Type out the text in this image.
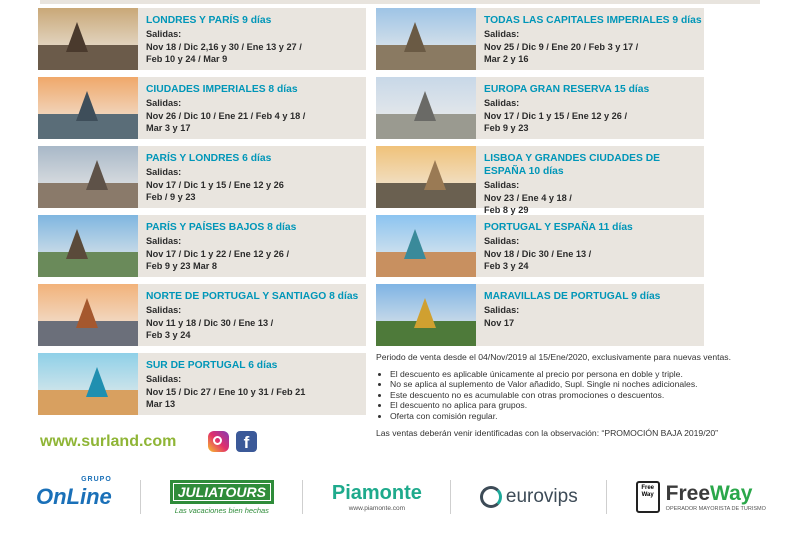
LONDRES Y PARÍS 9 días
Salidas:
Nov 18 / Dic 2,16 y 30 / Ene 13 y 27 /
Feb 10 y 24 / Mar 9
CIUDADES IMPERIALES 8 días
Salidas:
Nov 26 / Dic 10 / Ene 21 / Feb 4 y 18 /
Mar 3 y 17
PARÍS Y LONDRES 6 días
Salidas:
Nov 17 / Dic 1 y 15 / Ene 12 y 26
Feb / 9 y 23
PARÍS Y PAÍSES BAJOS 8 días
Salidas:
Nov 17 / Dic 1 y 22 / Ene 12 y 26 /
Feb 9 y 23 Mar 8
NORTE DE PORTUGAL Y SANTIAGO 8 días
Salidas:
Nov 11 y 18 / Dic 30 / Ene 13 /
Feb 3 y 24
SUR DE PORTUGAL 6 días
Salidas:
Nov 15 / Dic 27 / Ene 10 y 31 / Feb 21
Mar 13
TODAS LAS CAPITALES IMPERIALES 9 días
Salidas:
Nov 25 / Dic 9 / Ene 20 / Feb 3 y 17 /
Mar 2 y 16
EUROPA GRAN RESERVA 15 días
Salidas:
Nov 17 / Dic 1 y 15 / Ene 12 y 26 /
Feb 9 y 23
LISBOA Y GRANDES CIUDADES DE ESPAÑA 10 días
Salidas:
Nov 23 / Ene 4 y 18 /
Feb 8 y 29
PORTUGAL Y ESPAÑA 11 días
Salidas:
Nov 18 / Dic 30 / Ene 13 /
Feb 3 y 24
MARAVILLAS DE PORTUGAL 9 días
Salidas:
Nov 17
Periodo de venta desde el 04/Nov/2019 al 15/Ene/2020, exclusivamente para nuevas ventas.
• El descuento es aplicable únicamente al precio por persona en doble y triple.
• No se aplica al suplemento de Valor añadido, Supl. Single ni noches adicionales.
• Este descuento no es acumulable con otras promociones o descuentos.
• El descuento no aplica para grupos.
• Oferta con comisión regular.
Las ventas deberán venir identificadas con la observación: “PROMOCIÓN BAJA 2019/20”
www.surland.com	f
GRUPO
OnLine	JULIATOURS
Las vacaciones bien hechas
Piamonte
www.piamonte.com
eurovips	Free Way FreeWay
OPERADOR MAYORISTA DE TURISMO
